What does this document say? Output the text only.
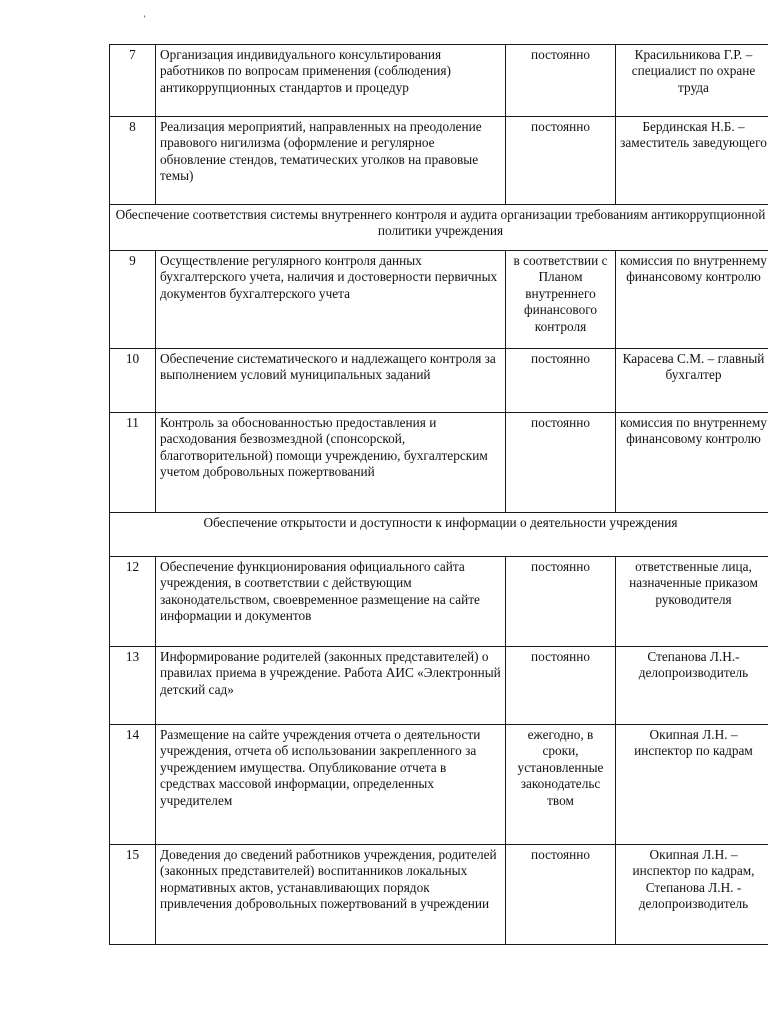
ʼ
7	Организация индивидуального консультирования работников по вопросам применения (соблюдения) антикоррупционных стандартов и процедур	постоянно	Красильникова Г.Р. – специалист по охране труда
8	Реализация мероприятий, направленных на преодоление правового нигилизма (оформление и регулярное обновление стендов, тематических уголков на правовые темы)	постоянно	Бердинская Н.Б. – заместитель заведующего
Обеспечение соответствия системы внутреннего контроля и аудита организации требованиям антикоррупционной политики учреждения			
9	Осуществление регулярного контроля данных бухгалтерского учета, наличия и достоверности первичных документов бухгалтерского учета	в соответствии с Планом внутреннего финансового контроля	комиссия по внутреннему финансовому контролю
10	Обеспечение систематического и надлежащего контроля за выполнением условий муниципальных заданий	постоянно	Карасева С.М. – главный бухгалтер
11	Контроль за обоснованностью предоставления и расходования безвозмездной (спонсорской, благотворительной) помощи учреждению, бухгалтерским учетом добровольных пожертвований	постоянно	комиссия по внутреннему финансовому контролю
Обеспечение открытости и доступности к информации о деятельности учреждения			
12	Обеспечение функционирования официального сайта учреждения, в соответствии с действующим законодательством, своевременное размещение на сайте информации и документов	постоянно	ответственные лица, назначенные приказом руководителя
13	Информирование родителей (законных представителей) о правилах приема в учреждение. Работа АИС «Электронный детский сад»	постоянно	Степанова Л.Н.- делопроизводитель
14	Размещение на сайте учреждения отчета о деятельности учреждения, отчета об использовании закрепленного за учреждением имущества. Опубликование отчета в средствах массовой информации, определенных учредителем	ежегодно, в сроки, установленные законодательс твом	Окипная Л.Н. – инспектор по кадрам
15	Доведения до сведений работников учреждения, родителей (законных представителей) воспитанников локальных нормативных актов, устанавливающих порядок привлечения добровольных пожертвований в учреждении	постоянно	Окипная Л.Н. – инспектор по кадрам, Степанова Л.Н. - делопроизводитель
